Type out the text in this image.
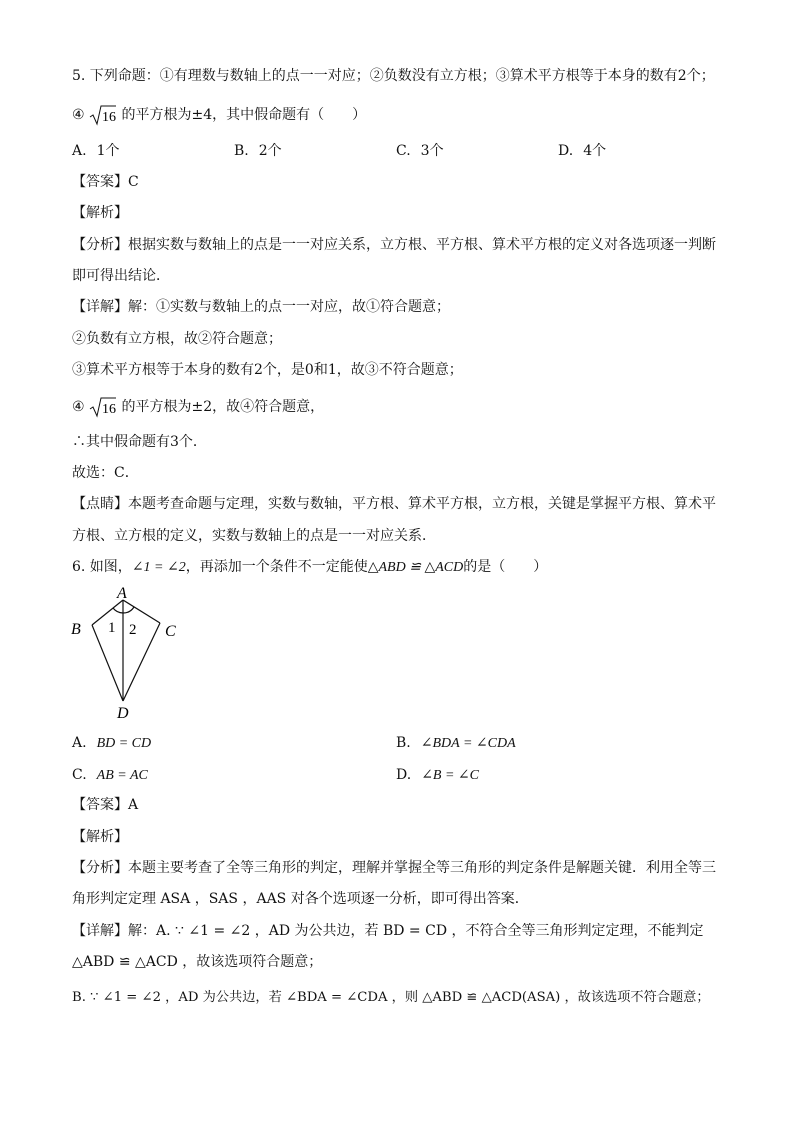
5. 下列命题：①有理数与数轴上的点一一对应；②负数没有立方根；③算术平方根等于本身的数有2个；
④ 16 的平方根为±4，其中假命题有（　　）
A. 1个	B. 2个	C. 3个	D. 4个
【答案】C
【解析】
【分析】根据实数与数轴上的点是一一对应关系，立方根、平方根、算术平方根的定义对各选项逐一判断
即可得出结论．
【详解】解：①实数与数轴上的点一一对应，故①符合题意；
②负数有立方根，故②符合题意；
③算术平方根等于本身的数有2个，是0和1，故③不符合题意；
④ 16 的平方根为±2，故④符合题意，
∴其中假命题有3个．
故选：C．
【点睛】本题考查命题与定理，实数与数轴，平方根、算术平方根，立方根，关键是掌握平方根、算术平
方根、立方根的定义，实数与数轴上的点是一一对应关系．
6. 如图，∠1 = ∠2，再添加一个条件不一定能使△ABD ≌ △ACD的是（　　）
A
B	C
D
1 2
A. BD = CD	B. ∠BDA = ∠CDA
C. AB = AC	D. ∠B = ∠C
【答案】A
【解析】
【分析】本题主要考查了全等三角形的判定，理解并掌握全等三角形的判定条件是解题关键．利用全等三
角形判定定理 ASA ，SAS ，AAS 对各个选项逐一分析，即可得出答案．
【详解】解：A. ∵ ∠1 = ∠2 ，AD 为公共边，若 BD = CD ，不符合全等三角形判定定理，不能判定
△ABD ≌ △ACD ，故该选项符合题意；
B. ∵ ∠1 = ∠2 ，AD 为公共边，若 ∠BDA = ∠CDA ，则 △ABD ≌ △ACD(ASA) ，故该选项不符合题意；
